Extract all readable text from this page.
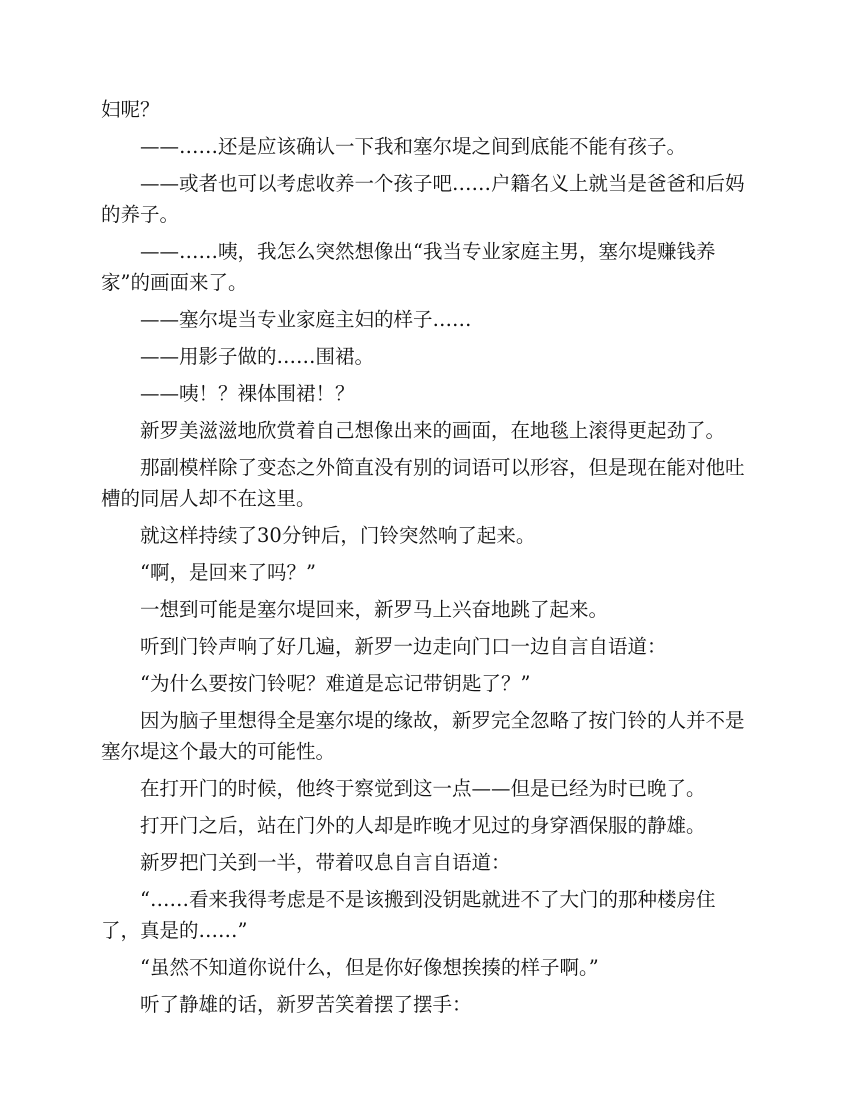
妇呢？

——……还是应该确认一下我和塞尔堤之间到底能不能有孩子。

——或者也可以考虑收养一个孩子吧……户籍名义上就当是爸爸和后妈的养子。

——……咦，我怎么突然想像出“我当专业家庭主男，塞尔堤赚钱养家”的画面来了。

——塞尔堤当专业家庭主妇的样子……

——用影子做的……围裙。

——咦！？裸体围裙！？

新罗美滋滋地欣赏着自己想像出来的画面，在地毯上滚得更起劲了。

那副模样除了变态之外简直没有别的词语可以形容，但是现在能对他吐槽的同居人却不在这里。

就这样持续了30分钟后，门铃突然响了起来。

“啊，是回来了吗？”

一想到可能是塞尔堤回来，新罗马上兴奋地跳了起来。

听到门铃声响了好几遍，新罗一边走向门口一边自言自语道：

“为什么要按门铃呢？难道是忘记带钥匙了？”

因为脑子里想得全是塞尔堤的缘故，新罗完全忽略了按门铃的人并不是塞尔堤这个最大的可能性。

在打开门的时候，他终于察觉到这一点——但是已经为时已晚了。

打开门之后，站在门外的人却是昨晚才见过的身穿酒保服的静雄。

新罗把门关到一半，带着叹息自言自语道：

“……看来我得考虑是不是该搬到没钥匙就进不了大门的那种楼房住了，真是的……”

“虽然不知道你说什么，但是你好像想挨揍的样子啊。”

听了静雄的话，新罗苦笑着摆了摆手：
